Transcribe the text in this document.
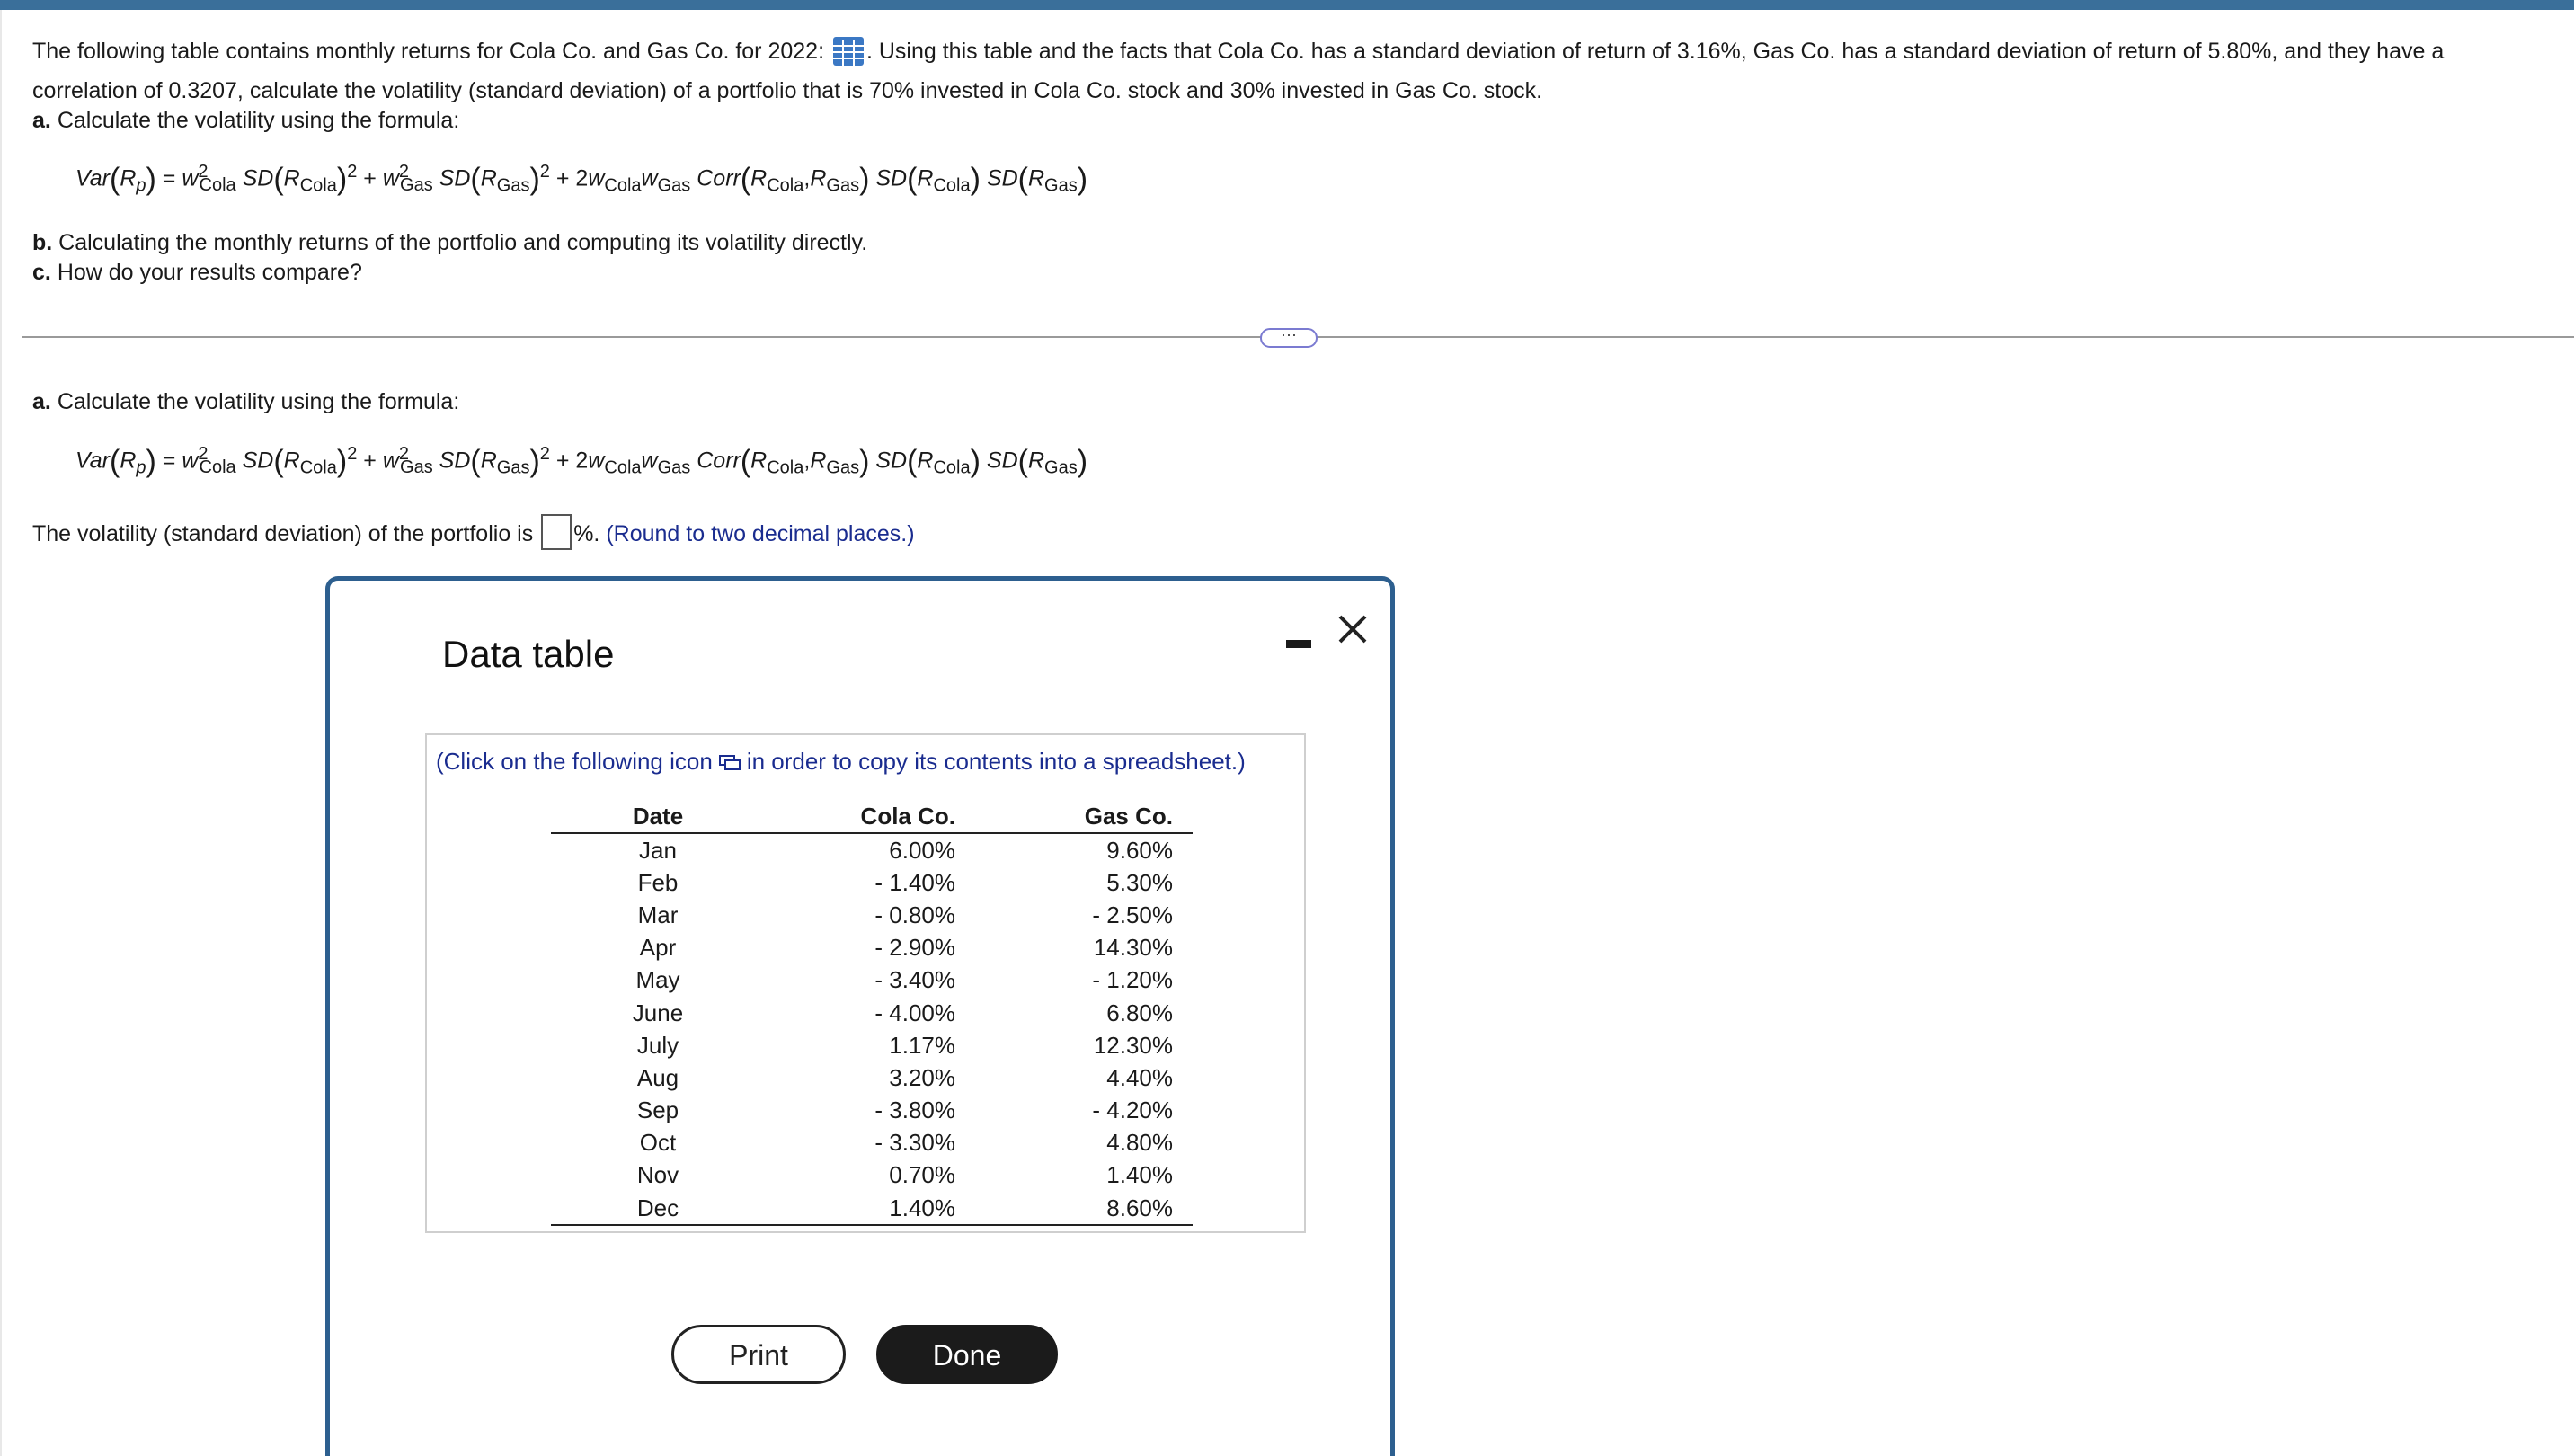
The following table contains monthly returns for Cola Co. and Gas Co. for 2022: . Using this table and the facts that Cola Co. has a standard deviation of return of 3.16%, Gas Co. has a standard deviation of return of 5.80%, and they have a
correlation of 0.3207, calculate the volatility (standard deviation) of a portfolio that is 70% invested in Cola Co. stock and 30% invested in Gas Co. stock.
a. Calculate the volatility using the formula:
$Var(R_p) = w^2_{Cola}$ $SD(R_{Cola})^2 + w^2_{Gas}$ $SD(R_{Gas})^2 + 2w_{Cola}w_{Gas}$ $Corr(R_{Cola},R_{Gas})$ $SD(R_{Cola})$ $SD(R_{Gas})$
b. Calculating the monthly returns of the portfolio and computing its volatility directly.
c. How do your results compare?
···
a. Calculate the volatility using the formula:
$Var(R_p) = w^2_{Cola}$ $SD(R_{Cola})^2 + w^2_{Gas}$ $SD(R_{Gas})^2 + 2w_{Cola}w_{Gas}$ $Corr(R_{Cola},R_{Gas})$ $SD(R_{Cola})$ $SD(R_{Gas})$
The volatility (standard deviation) of the portfolio is %. (Round to two decimal places.)
Data table
(Click on the following icon in order to copy its contents into a spreadsheet.)
Date	Cola Co.	Gas Co.
Jan	6.00%	9.60%
Feb	- 1.40%	5.30%
Mar	- 0.80%	- 2.50%
Apr	- 2.90%	14.30%
May	- 3.40%	- 1.20%
June	- 4.00%	6.80%
July	1.17%	12.30%
Aug	3.20%	4.40%
Sep	- 3.80%	- 4.20%
Oct	- 3.30%	4.80%
Nov	0.70%	1.40%
Dec	1.40%	8.60%
Print	Done
